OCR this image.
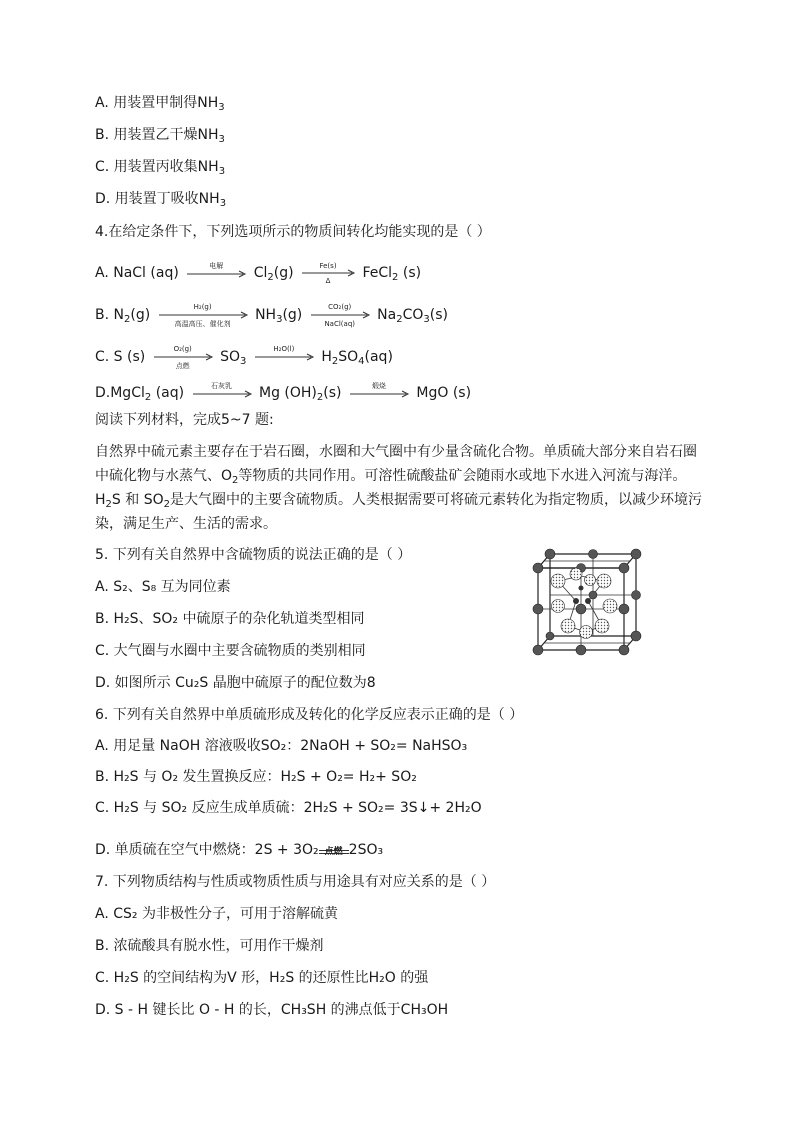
A. 用装置甲制得$NH_3$
B. 用装置乙干燥$NH_3$
C. 用装置丙收集$NH_3$
D. 用装置丁吸收$NH_3$
4.在给定条件下，下列选项所示的物质间转化均能实现的是（ ）
A. NaCl (aq)	电解	$Cl_2(g)$	Fe(s)
Δ	FeCl$_2$ (s)
B. $N_2(g)$	H₂(g)
高温高压、催化剂
$NH_3(g)$	CO₂(g)
NaCl(aq)
$Na_2CO_3(s)$
C. S (s)	O₂(g)
点燃
$SO_3$
H₂O(l)	$H_2SO_4(aq)$
D.MgCl$_2$ (aq)	石灰乳	Mg $(OH)_2(s)$	煅烧	MgO (s)
阅读下列材料，完成5~7 题:
自然界中硫元素主要存在于岩石圈，水圈和大气圈中有少量含硫化合物。单质硫大部分来自岩石圈中硫化物与水蒸气、$O_2$等物质的共同作用。可溶性硫酸盐矿会随雨水或地下水进入河流与海洋。$H_2S$ 和 $SO_2$是大气圈中的主要含硫物质。人类根据需要可将硫元素转化为指定物质，以减少环境污染，满足生产、生活的需求。
5. 下列有关自然界中含硫物质的说法正确的是（ ）
A. S₂、S₈ 互为同位素
B. H₂S、SO₂ 中硫原子的杂化轨道类型相同
C. 大气圈与水圈中主要含硫物质的类别相同
D. 如图所示 Cu₂S 晶胞中硫原子的配位数为8
6. 下列有关自然界中单质硫形成及转化的化学反应表示正确的是（ ）
A. 用足量 NaOH 溶液吸收SO₂：2NaOH + SO₂= NaHSO₃
B. H₂S 与 O₂ 发生置换反应：H₂S + O₂= H₂+ SO₂
C. H₂S 与 SO₂ 反应生成单质硫：2H₂S + SO₂= 3S↓+ 2H₂O
D. 单质硫在空气中燃烧：2S + 3O₂ 点燃 2SO₃
7. 下列物质结构与性质或物质性质与用途具有对应关系的是（ ）
A. CS₂ 为非极性分子，可用于溶解硫黄
B. 浓硫酸具有脱水性，可用作干燥剂
C. H₂S 的空间结构为V 形，H₂S 的还原性比H₂O 的强
D. S - H 键长比 O - H 的长，CH₃SH 的沸点低于CH₃OH
